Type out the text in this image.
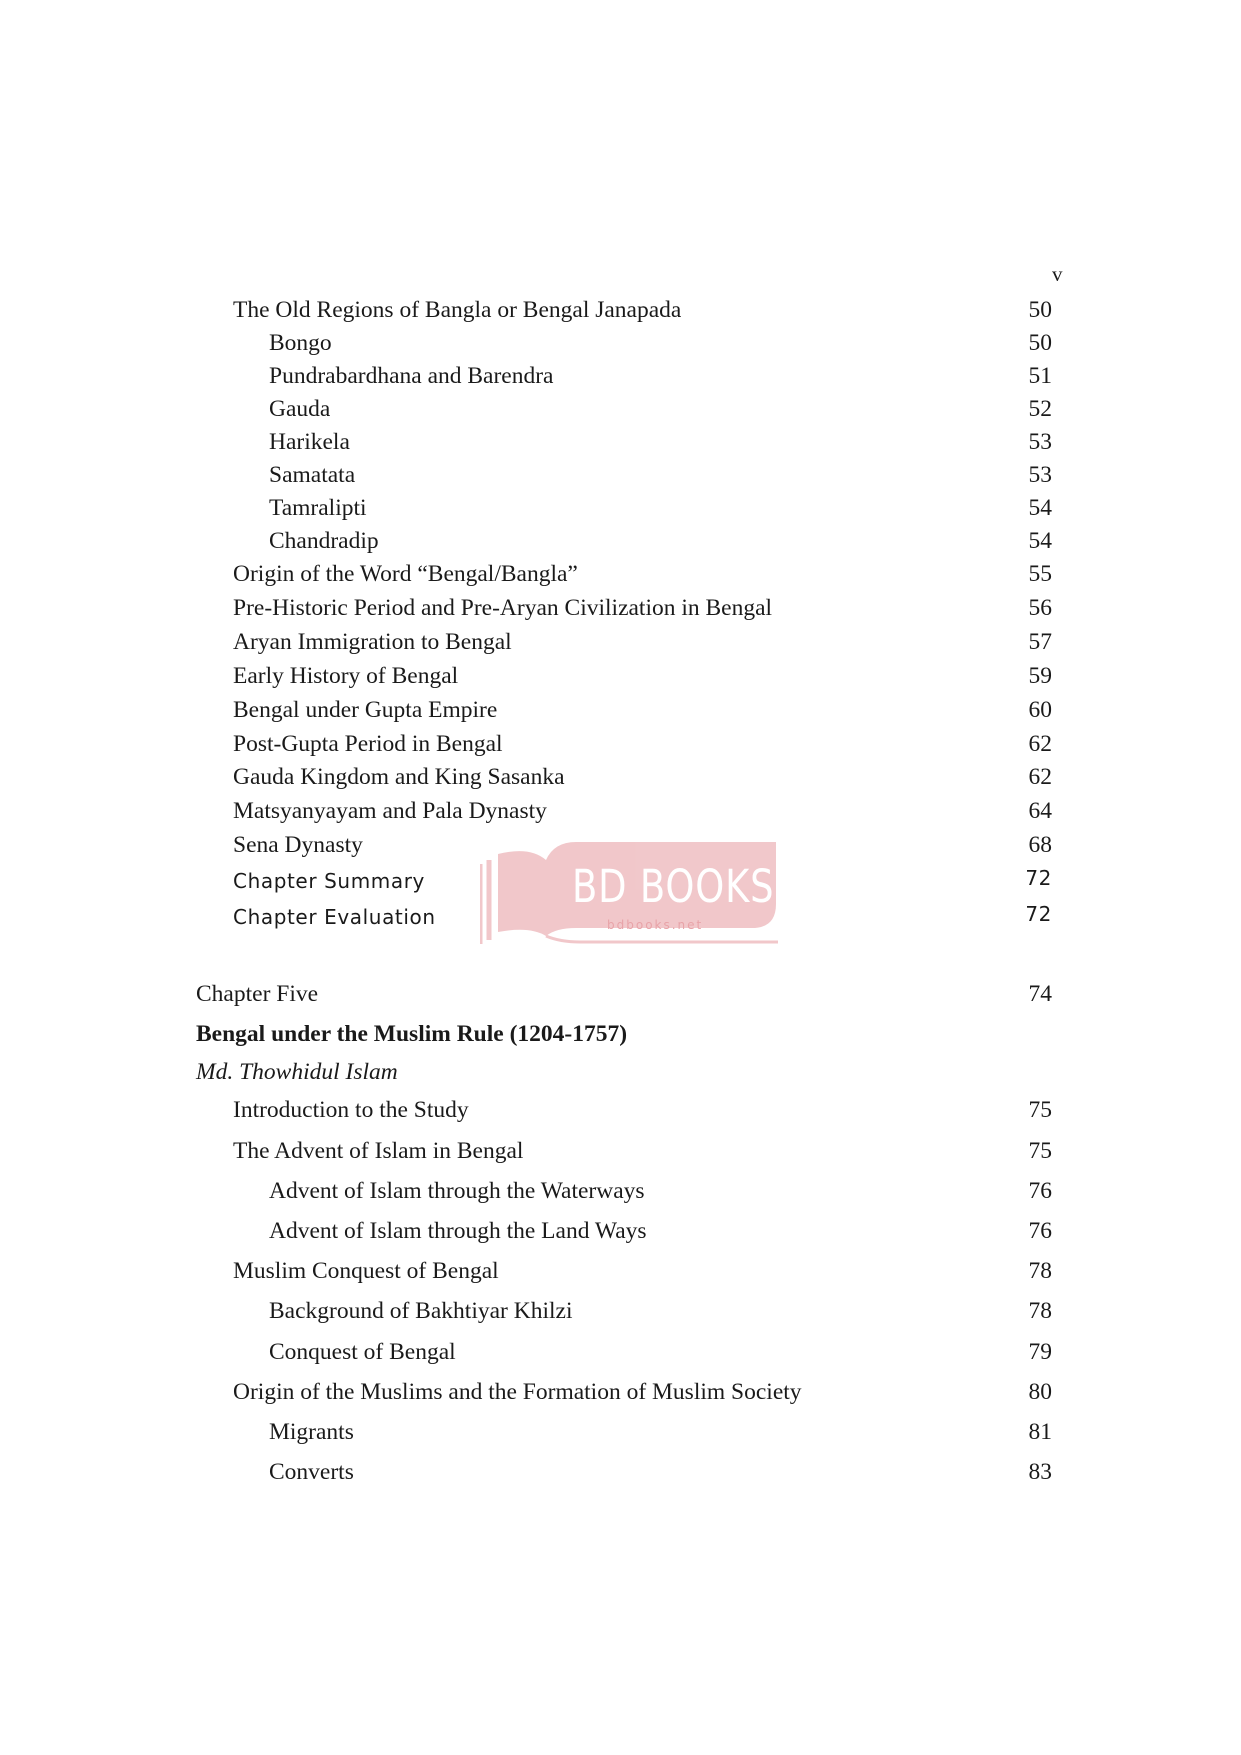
v
The Old Regions of Bangla or Bengal Janapada	50
Bongo	50
Pundrabardhana and Barendra	51
Gauda	52
Harikela	53
Samatata	53
Tamralipti	54
Chandradip	54
Origin of the Word “Bengal/Bangla”	55
Pre-Historic Period and Pre-Aryan Civilization in Bengal	56
Aryan Immigration to Bengal	57
Early History of Bengal	59
Bengal under Gupta Empire	60
Post-Gupta Period in Bengal	62
Gauda Kingdom and King Sasanka	62
Matsyanyayam and Pala Dynasty	64
Sena Dynasty	68
Chapter Summary	72
Chapter Evaluation	72
Chapter Five	74
Bengal under the Muslim Rule (1204-1757)
Md. Thowhidul Islam
Introduction to the Study	75
The Advent of Islam in Bengal	75
Advent of Islam through the Waterways	76
Advent of Islam through the Land Ways	76
Muslim Conquest of Bengal	78
Background of Bakhtiyar Khilzi	78
Conquest of Bengal	79
Origin of the Muslims and the Formation of Muslim Society	80
Migrants	81
Converts	83
BD BOOKS
bdbooks.net
